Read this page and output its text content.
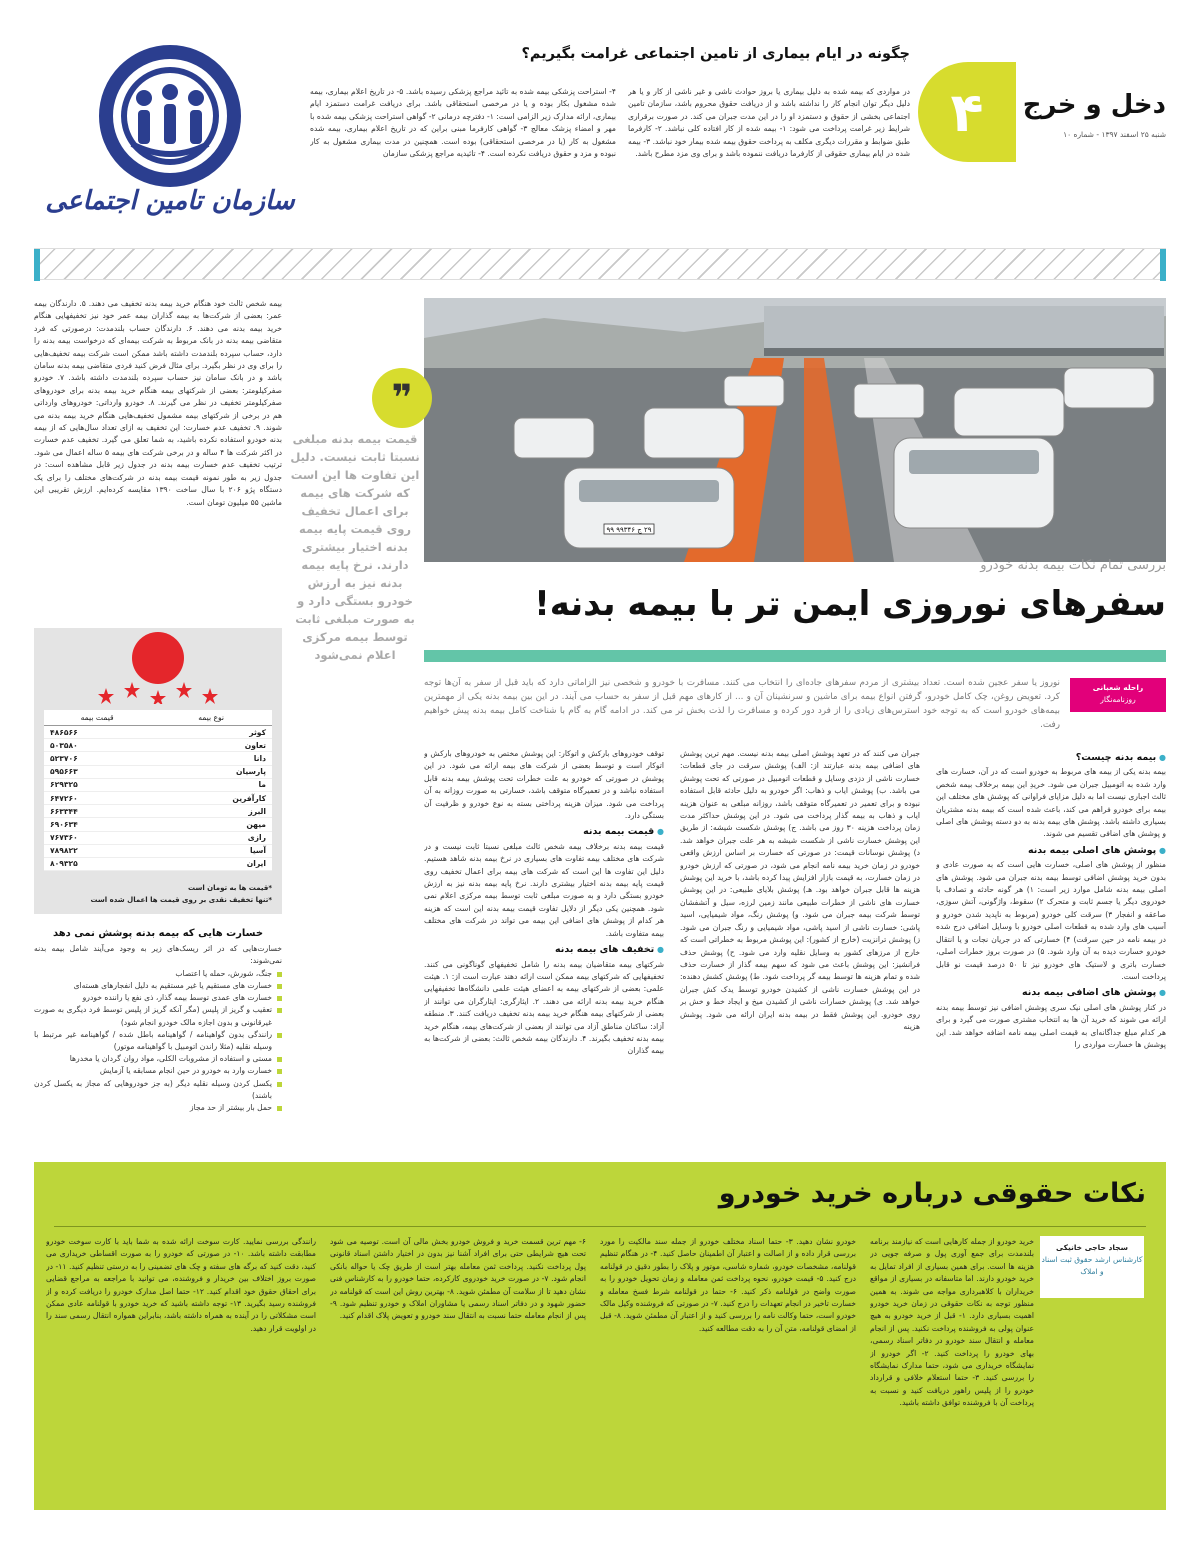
دخل و خرج
شنبه ۲۵ اسفند ۱۳۹۷ - شماره ۱۰
۴
چگونه در ایام بیماری از تامین اجتماعی غرامت بگیریم؟
در مواردی که بیمه شده به دلیل بیماری یا بروز حوادث ناشی و غیر ناشی از کار و یا هر دلیل دیگر توان انجام کار را نداشته باشد و از دریافت حقوق محروم باشد، سازمان تامین اجتماعی بخشی از حقوق و دستمزد او را در این مدت جبران می کند. در صورت برقراری شرایط زیر غرامت پرداخت می شود: ۱- بیمه شده از کار افتاده کلی نباشد. ۲- کارفرما طبق ضوابط و مقررات دیگری مکلف به پرداخت حقوق بیمه شده بیمار خود نباشد. ۳- بیمه شده در ایام بیماری حقوقی از کارفرما دریافت ننموده باشد و برای وی مزد مطرح باشد.
۴- استراحت پزشکی بیمه شده به تائید مراجع پزشکی رسیده باشد. ۵- در تاریخ اعلام بیماری، بیمه شده مشغول بکار بوده و یا در مرخصی استحقاقی باشد. برای دریافت غرامت دستمزد ایام بیماری، ارائه مدارک زیر الزامی است: ۱- دفترچه درمانی ۲- گواهی استراحت پزشکی بیمه شده با مهر و امضاء پزشک معالج ۳- گواهی کارفرما مبنی براین که در تاریخ اعلام بیماری، بیمه شده مشغول به کار (یا در مرخصی استحقاقی) بوده است. همچنین در مدت بیماری مشغول به کار نبوده و مزد و حقوق دریافت نکرده است. ۴- تائیدیه مراجع پزشکی سازمان
سازمان تامین اجتماعی
۲۹ ج ۹۹۳۴۶ ۹۹
بیمه شخص ثالث خود هنگام خرید بیمه بدنه تخفیف می دهند. ۵. دارندگان بیمه عمر: بعضی از شرکت‌ها به بیمه گذاران بیمه عمر خود نیز تخفیفهایی هنگام خرید بیمه بدنه می دهند. ۶. دارندگان حساب بلندمدت: درصورتی که فرد متقاضی بیمه بدنه در بانک مربوط به شرکت بیمه‌ای که درخواست بیمه بدنه را دارد، حساب سپرده بلندمدت داشته باشد ممکن است شرکت بیمه تخفیف‌هایی را برای وی در نظر بگیرد. برای مثال فرض کنید فردی متقاضی بیمه بدنه سامان باشد و در بانک سامان نیز حساب سپرده بلندمدت داشته باشد. ۷. خودرو صفرکیلومتر: بعضی از شرکتهای بیمه هنگام خرید بیمه بدنه برای خودروهای صفرکیلومتر تخفیف در نظر می گیرند. ۸. خودرو وارداتی: خودروهای وارداتی هم در برخی از شرکتهای بیمه مشمول تخفیف‌هایی هنگام خرید بیمه بدنه می شوند. ۹. تخفیف عدم خسارت: این تخفیف به ازای تعداد سال‌هایی که از بیمه بدنه خودرو استفاده نکرده باشید، به شما تعلق می گیرد. تخفیف عدم خسارت در اکثر شرکت ها ۴ ساله و در برخی شرکت های بیمه ۵ ساله اعمال می شود. ترتیب تخفیف عدم خسارت بیمه بدنه در جدول زیر قابل مشاهده است: در جدول زیر به طور نمونه قیمت بیمه بدنه در شرکت‌های مختلف را برای یک دستگاه پژو ۲۰۶ با سال ساخت ۱۳۹۰ مقایسه کرده‌ایم. ارزش تقریبی این ماشین ۵۵ میلیون تومان است.
نوع بیمه	قیمت بیمه
کوثر	۴۸۶۵۶۶
تعاون	۵۰۳۵۸۰
دانا	۵۲۳۷۰۶
پارسیان	۵۹۵۶۶۳
ما	۶۲۹۳۲۵
کارآفرین	۶۴۷۲۶۰
البرز	۶۶۳۳۴۴
میهن	۶۹۰۶۳۴
رازی	۷۶۷۳۶۰
آسیا	۷۸۹۸۲۲
ایران	۸۰۹۳۲۵
*قیمت ها به تومان است
*تنها تخفیف نقدی بر روی قیمت ها اعمال شده است
خسارت هایی که بیمه بدنه پوشش نمی دهد
خسارت‌هایی که در اثر ریسک‌های زیر به وجود می‌آیند شامل بیمه بدنه نمی‌شوند:
جنگ، شورش، حمله یا اعتصاب
خسارت های مستقیم یا غیر مستقیم به دلیل انفجارهای هسته‌ای
خسارت های عمدی توسط بیمه گذار، ذی نفع یا راننده خودرو
تعقیب و گریز از پلیس (مگر آنکه گریز از پلیس توسط فرد دیگری به صورت غیرقانونی و بدون اجازه مالک خودرو انجام شود)
رانندگی بدون گواهینامه / گواهینامه باطل شده / گواهینامه غیر مرتبط با وسیله نقلیه (مثلا راندن اتومبیل با گواهینامه موتور)
مستی و استفاده از مشروبات الکلی، مواد روان گردان یا مخدرها
خسارت وارد به خودرو در حین انجام مسابقه یا آزمایش
یکسل کردن وسیله نقلیه دیگر (به جز خودروهایی که مجاز به یکسل کردن باشند)
حمل بار بیشتر از حد مجاز
❞
قیمت بیمه بدنه مبلغی نسبتا ثابت نیست. دلیل این تفاوت ها این است که شرکت های بیمه برای اعمال تخفیف روی قیمت پایه بیمه بدنه اختیار بیشتری دارند. نرخ پایه بیمه بدنه نیز به ارزش خودرو بستگی دارد و به صورت مبلغی ثابت توسط بیمه مرکزی اعلام نمی‌شود
بررسی تمام نکات بیمه بدنه خودرو
سفرهای نوروزی ایمن تر با بیمه بدنه!
راحله شعبانی
روزنامه‌نگار
نوروز یا سفر عجین شده است. تعداد بیشتری از مردم سفرهای جاده‌ای را انتخاب می کنند. مسافرت با خودرو و شخصی نیز الزاماتی دارد که باید قبل از سفر به آن‌ها توجه کرد. تعویض روغن، چک کامل خودرو، گرفتن انواع بیمه برای ماشین و سرنشینان آن و ... از کارهای مهم قبل از سفر به حساب می آیند. در این بین بیمه بدنه یکی از مهمترین بیمه‌های خودرو است که به توجه خود استرس‌های زیادی را از فرد دور کرده و مسافرت را لذت بخش تر می کند. در ادامه گام به گام با شناخت کامل بیمه بدنه پیش خواهیم رفت.
● بیمه بدنه چیست؟

بیمه بدنه یکی از بیمه های مربوط به خودرو است که در آن، خسارت های وارد شده به اتومبیل جبران می شود. خریدِ این بیمه برخلاف بیمه شخص ثالث اجباری نیست اما به دلیل مزایای فراوانی که پوشش های مختلف این بیمه برای خودرو فراهم می کند، باعث شده است که بیمه بدنه مشتریان بسیاری داشته باشد. پوشش های بیمه بدنه به دو دسته پوشش های اصلی و پوشش های اضافی تقسیم می شوند.

● پوشش های اصلی بیمه بدنه

منظور از پوشش های اصلی، خسارت هایی است که به صورت عادی و بدون خرید پوشش اضافی توسط بیمه بدنه جبران می شود. پوشش های اصلی بیمه بدنه شامل موارد زیر است: ۱) هر گونه حادثه و تصادف با خودروی دیگر یا جسم ثابت و متحرک ۲) سقوط، واژگونی، آتش سوزی، صاعقه و انفجار ۳) سرقت کلی خودرو (مربوط به ناپدید شدن خودرو و آسیب های وارد شده به قطعات اصلی خودرو با وسایل اضافی درج شده در بیمه نامه در حین سرقت) ۴) خسارتی که در جریان نجات و یا انتقال خودرو خسارت دیده به آن وارد شود. ۵) در صورت بروز خطرات اصلی، خسارت باتری و لاستیک های خودرو نیز تا ۵۰ درصد قیمت نو قابل پرداخت است.

● پوشش های اضافی بیمه بدنه

در کنار پوشش های اصلی نیک سری پوشش اضافی نیز توسط بیمه بدنه ارائه می شوند که خرید آن ها به انتخاب مشتری صورت می گیرد و برای هر کدام مبلغ جداگانه‌ای به قیمت اصلی بیمه نامه اضافه خواهد شد. این پوشش ها خسارت مواردی را

جبران می کنند که در تعهد پوشش اصلی بیمه بدنه نیست. مهم ترین پوشش های اضافی بیمه بدنه عبارتند از: الف) پوشش سرقت در جای قطعات: خسارت ناشی از دزدی وسایل و قطعات اتومبیل در صورتی که تحت پوشش می باشد. ب) پوشش ایاب و ذهاب: اگر خودرو به دلیل حادثه قابل استفاده نبوده و برای تعمیر در تعمیرگاه متوقف باشد، روزانه مبلغی به عنوان هزینه ایاب و ذهاب به بیمه گذار پرداخت می شود. در این پوشش حداکثر مدت زمان پرداخت هزینه ۳۰ روز می باشد. ج) پوشش شکست شیشه: از طریق این پوشش خسارت ناشی از شکست شیشه به هر علت جبران خواهد شد. د) پوشش نوسانات قیمت: در صورتی که خسارت بر اساس ارزش واقعی خودرو در زمان خرید بیمه نامه انجام می شود، در صورتی که ارزش خودرو در زمان خسارت، به قیمت بازار افزایش پیدا کرده باشد، با خرید این پوشش هزینه ها قابل جبران خواهد بود. هـ) پوشش بلایای طبیعی: در این پوشش خسارت های ناشی از خطرات طبیعی مانند زمین لرزه، سیل و آتشفشان توسط شرکت بیمه جبران می شود. و) پوشش رنگ، مواد شیمیایی، اسید پاشی: خسارت ناشی از اسید پاشی، مواد شیمیایی و رنگ جبران می شود. ز) پوشش ترانزیت (خارج از کشور): این پوشش مربوط به خطراتی است که خارج از مرزهای کشور به وسایل نقلیه وارد می شود. ح) پوشش حذف فرانشیز: این پوشش باعث می شود که سهم بیمه گذار از خسارت حذف شده و تمام هزینه ها توسط بیمه گر پرداخت شود. ط) پوشش کشش دهنده: در این پوشش خسارت ناشی از کشیدن خودرو توسط یدک کش جبران خواهد شد. ی) پوشش خسارات ناشی از کشیدن میخ و ایجاد خط و خش بر روی خودرو. این پوشش فقط در بیمه بدنه ایران ارائه می شود. پوشش هزینه

توقف خودروهای بارکش و اتوکار: این پوشش مختص به خودروهای بارکش و اتوکار است و توسط بعضی از شرکت های بیمه ارائه می شود. در این پوشش در صورتی که خودرو به علت خطرات تحت پوشش بیمه بدنه قابل استفاده نباشد و در تعمیرگاه متوقف باشد، خسارتی به صورت روزانه به آن پرداخت می شود. میزان هزینه پرداختی بسته به نوع خودرو و ظرفیت آن بستگی دارد.

● قیمت بیمه بدنه

قیمت بیمه بدنه برخلاف بیمه شخص ثالث مبلغی نسبتا ثابت نیست و در شرکت های مختلف بیمه تفاوت های بسیاری در نرخ بیمه بدنه شاهد هستیم. دلیل این تفاوت ها این است که شرکت های بیمه برای اعمال تخفیف روی قیمت پایه بیمه بدنه اختیار بیشتری دارند. نرخ پایه بیمه بدنه نیز به ارزش خودرو بستگی دارد و به صورت مبلغی ثابت توسط بیمه مرکزی اعلام نمی شود. همچنین یکی دیگر از دلایل تفاوت قیمت بیمه بدنه این است که هزینه هر کدام از پوشش های اضافی این بیمه می تواند در شرکت های مختلف بیمه متفاوت باشد.

● تخفیف های بیمه بدنه

شرکتهای بیمه متقاضیان بیمه بدنه را شامل تخفیفهای گوناگونی می کنند. تخفیفهایی که شرکتهای بیمه ممکن است ارائه دهند عبارت است از: ۱. هیئت علمی: بعضی از شرکتهای بیمه به اعضای هیئت علمی دانشگاه‌ها تخفیفهایی هنگام خرید بیمه بدنه ارائه می دهند. ۲. ایثارگری: ایثارگران می توانند از بعضی از شرکتهای بیمه هنگام خرید بیمه بدنه تخفیف دریافت کنند. ۳. منطقه آزاد: ساکنان مناطق آزاد می توانند از بعضی از شرکت‌های بیمه، هنگام خرید بیمه بدنه تخفیف بگیرند. ۴. دارندگان بیمه شخص ثالث: بعضی از شرکت‌ها به بیمه گذاران

نکات حقوقی درباره خرید خودرو
سجاد حاجی خانیکی
کارشناس ارشد حقوق ثبت اسناد و املاک
خرید خودرو از جمله کارهایی است که نیازمند برنامه بلندمدت برای جمع آوری پول و صرفه جویی در هزینه ها است. برای همین بسیاری از افراد تمایل به خرید خودرو دارند. اما متاسفانه در بسیاری از مواقع خریداران با کلاهبرداری مواجه می شوند. به همین منظور توجه به نکات حقوقی در زمان خرید خودرو اهمیت بسیاری دارد. ۱- قبل از خرید خودرو به هیچ عنوان پولی به فروشنده پرداخت نکنید. پس از انجام معامله و انتقال سند خودرو در دفاتر اسناد رسمی، بهای خودرو را پرداخت کنید. ۲- اگر خودرو از نمایشگاه خریداری می شود، حتما مدارک نمایشگاه را بررسی کنید. ۳- حتما استعلام خلافی و قرارداد خودرو را از پلیس راهور دریافت کنید و نسبت به پرداخت آن با فروشنده توافق داشته باشید.
خودرو نشان دهید. ۳- حتما اسناد مختلف خودرو از جمله سند مالکیت را مورد بررسی قرار داده و از اصالت و اعتبار آن اطمینان حاصل کنید. ۴- در هنگام تنظیم قولنامه، مشخصات خودرو، شماره شاسی، موتور و پلاک را بطور دقیق در قولنامه درج کنید. ۵- قیمت خودرو، نحوه پرداخت ثمن معامله و زمان تحویل خودرو را به صورت واضح در قولنامه ذکر کنید. ۶- حتما در قولنامه شرط فسخ معامله و خسارت تاخیر در انجام تعهدات را درج کنید. ۷- در صورتی که فروشنده وکیل مالک خودرو است، حتما وکالت نامه را بررسی کنید و از اعتبار آن مطمئن شوید. ۸- قبل از امضای قولنامه، متن آن را به دقت مطالعه کنید.
۶- مهم ترین قسمت خرید و فروش خودرو بخش مالی آن است. توصیه می شود تحت هیچ شرایطی حتی برای افراد آشنا نیز بدون در اختیار داشتن اسناد قانونی پول پرداخت نکنید. پرداخت ثمن معامله بهتر است از طریق چک یا حواله بانکی انجام شود. ۷- در صورت خرید خودروی کارکرده، حتما خودرو را به کارشناس فنی نشان دهید تا از سلامت آن مطمئن شوید. ۸- بهترین روش این است که قولنامه در حضور شهود و در دفاتر اسناد رسمی یا مشاوران املاک و خودرو تنظیم شود. ۹- پس از انجام معامله حتما نسبت به انتقال سند خودرو و تعویض پلاک اقدام کنید.
رانندگی بررسی نمایید. کارت سوخت ارائه شده به شما باید با کارت سوخت خودرو مطابقت داشته باشد. ۱۰- در صورتی که خودرو را به صورت اقساطی خریداری می کنید، دقت کنید که برگه های سفته و چک های تضمینی را به درستی تنظیم کنید. ۱۱- در صورت بروز اختلاف بین خریدار و فروشنده، می توانید با مراجعه به مراجع قضایی برای احقاق حقوق خود اقدام کنید. ۱۲- حتما اصل مدارک خودرو را دریافت کرده و از فروشنده رسید بگیرید. ۱۳- توجه داشته باشید که خرید خودرو با قولنامه عادی ممکن است مشکلاتی را در آینده به همراه داشته باشد، بنابراین همواره انتقال رسمی سند را در اولویت قرار دهید.
